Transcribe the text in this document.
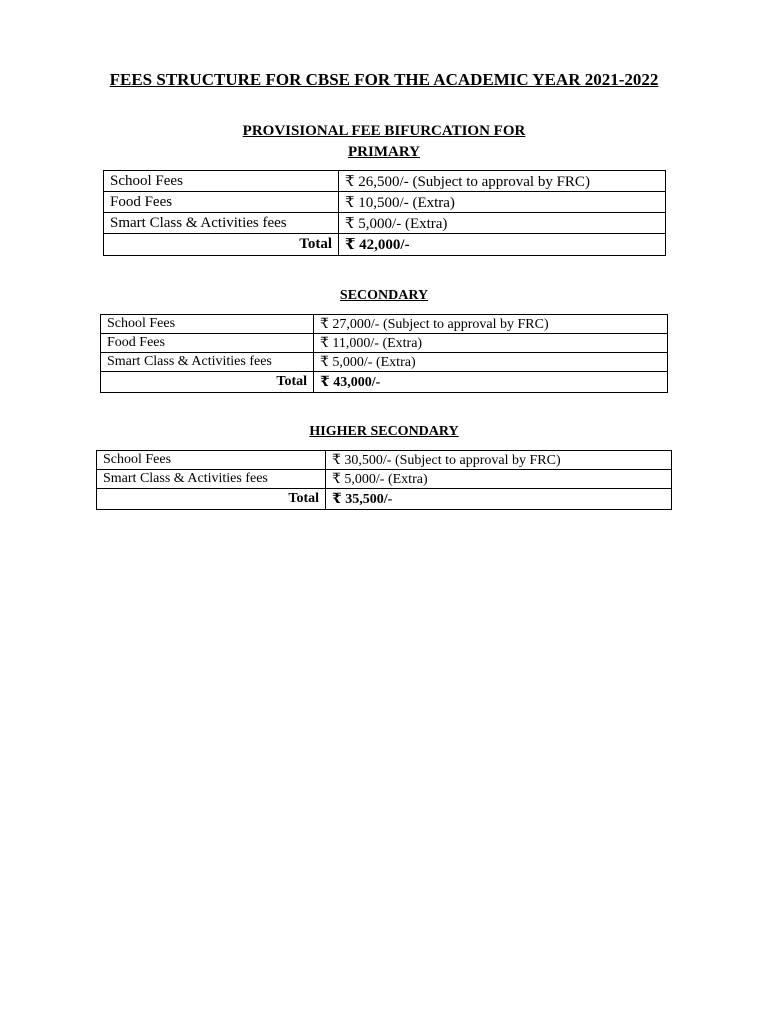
FEES STRUCTURE FOR CBSE FOR THE ACADEMIC YEAR 2021-2022
PROVISIONAL FEE BIFURCATION FOR
PRIMARY
School Fees	₹ 26,500/- (Subject to approval by FRC)
Food Fees	₹ 10,500/- (Extra)
Smart Class & Activities fees	₹ 5,000/- (Extra)
Total	₹ 42,000/-
SECONDARY
School Fees	₹ 27,000/- (Subject to approval by FRC)
Food Fees	₹ 11,000/- (Extra)
Smart Class & Activities fees	₹ 5,000/- (Extra)
Total	₹ 43,000/-
HIGHER SECONDARY
School Fees	₹ 30,500/- (Subject to approval by FRC)
Smart Class & Activities fees	₹ 5,000/- (Extra)
Total	₹ 35,500/-
